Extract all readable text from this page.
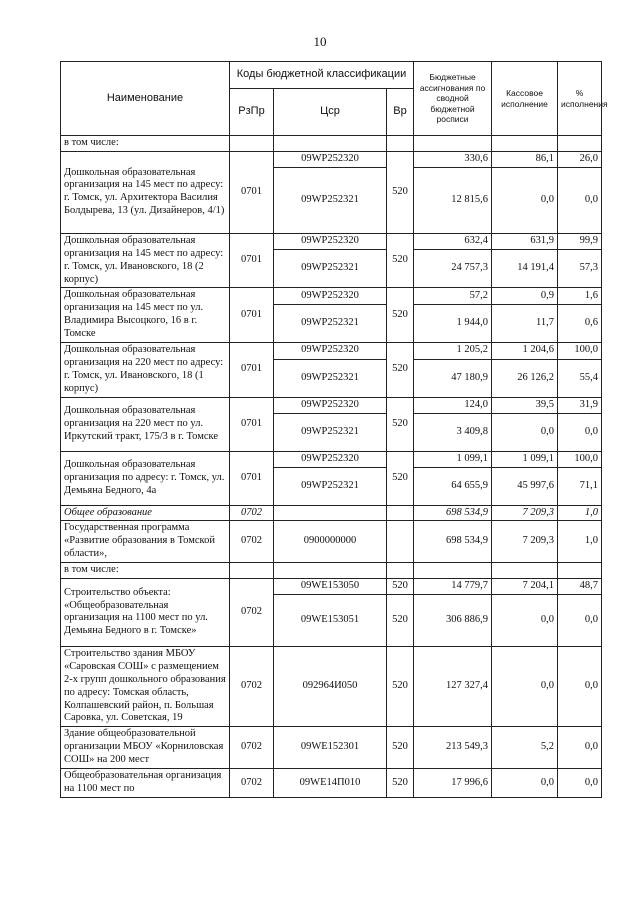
10
Наименование	Коды бюджетной классификации			Бюджетные ассигнования по сводной бюджетной росписи	Кассовое исполнение	% исполнения
	РзПр	Цср	Вр			
в том числе:						
Дошкольная образовательная организация на 145 мест по адресу: г. Томск, ул. Архитектора Василия Болдырева, 13 (ул. Дизайнеров, 4/1)	0701	09WP252320	520	330,6	86,1	26,0
		09WP252321		12 815,6	0,0	0,0
Дошкольная образовательная организация на 145 мест по адресу: г. Томск, ул. Ивановского, 18 (2 корпус)	0701	09WP252320	520	632,4	631,9	99,9
		09WP252321		24 757,3	14 191,4	57,3
Дошкольная образовательная организация на 145 мест по ул. Владимира Высоцкого, 16 в г. Томске	0701	09WP252320	520	57,2	0,9	1,6
		09WP252321		1 944,0	11,7	0,6
Дошкольная образовательная организация на 220 мест по адресу: г. Томск, ул. Ивановского, 18 (1 корпус)	0701	09WP252320	520	1 205,2	1 204,6	100,0
		09WP252321		47 180,9	26 126,2	55,4
Дошкольная образовательная организация на 220 мест по ул. Иркутский тракт, 175/3 в г. Томске	0701	09WP252320	520	124,0	39,5	31,9
		09WP252321		3 409,8	0,0	0,0
Дошкольная образовательная организация по адресу: г. Томск, ул. Демьяна Бедного, 4а	0701	09WP252320	520	1 099,1	1 099,1	100,0
		09WP252321		64 655,9	45 997,6	71,1
Общее образование	0702			698 534,9	7 209,3	1,0
Государственная программа «Развитие образования в Томской области»,	0702	0900000000		698 534,9	7 209,3	1,0
в том числе:						
Строительство объекта: «Общеобразовательная организация на 1100 мест по ул. Демьяна Бедного в г. Томске»	0702	09WE153050	520	14 779,7	7 204,1	48,7
		09WE153051	520	306 886,9	0,0	0,0
Строительство здания МБОУ «Саровская СОШ» с размещением 2-х групп дошкольного образования по адресу: Томская область, Колпашевский район, п. Большая Саровка, ул. Советская, 19	0702	092964И050	520	127 327,4	0,0	0,0
Здание общеобразовательной организации МБОУ «Корниловская СОШ» на 200 мест	0702	09WE152301	520	213 549,3	5,2	0,0
Общеобразовательная организация на 1100 мест по	0702	09WE14П010	520	17 996,6	0,0	0,0
